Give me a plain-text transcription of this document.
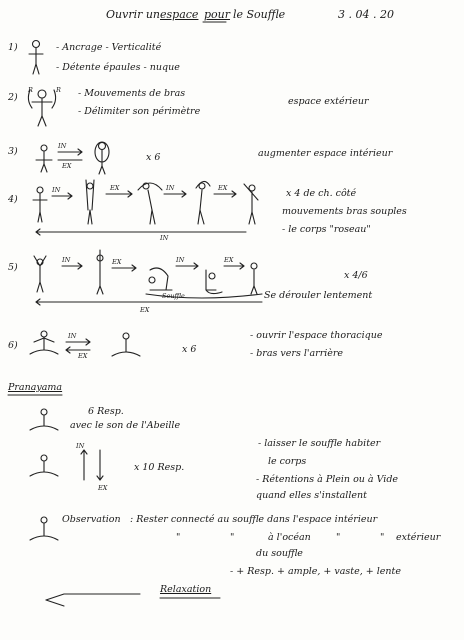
Ouvrir un espace pour le Souffle	3 . 04 . 20
1)
2)
3)
4)
5)
6)
- Ancrage - Verticalité
- Détente épaules - nuque
- Mouvements de bras
- Délimiter son périmètre
espace extérieur
x 6	augmenter espace intérieur
x 4 de ch. côté
mouvements bras souples
- le corps "roseau"
x 4/6
Se dérouler lentement
x 6
- ouvrir l'espace thoracique
- bras vers l'arrière
Pranayama
6 Resp.
avec le son de l'Abeille
x 10 Resp.
- laisser le souffle habiter
le corps
- Rétentions à Plein ou à Vide
quand elles s'installent
Observation : Rester connecté au souffle dans l'espace intérieur
"	"	à l'océan	"	" extérieur
du souffle
- + Resp. + ample, + vaste, + lente
Relaxation
R	R
IN
EX
IN	EX	IN	EX
IN
IN	EX
Souffle
IN	EX
EX
IN
EX
IN
EX
